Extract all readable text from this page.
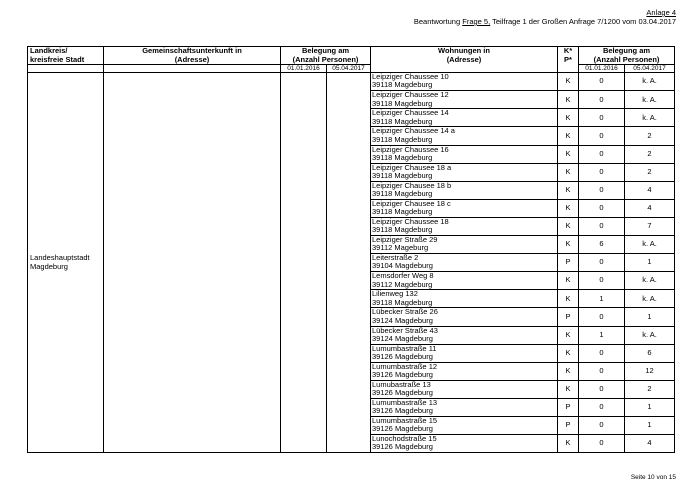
Anlage 4
Beantwortung Frage 5, Teilfrage 1 der Großen Anfrage 7/1200 vom 03.04.2017
Landkreis/
kreisfreie Stadt	Gemeinschaftsunterkunft in
(Adresse)	Belegung am
(Anzahl Personen)		Wohnungen in
(Adresse)	K*
P*	Belegung am
(Anzahl Personen)	

		01.01.2016	05.04.2017			01.01.2016	05.04.2017
Landeshauptstadt
Magdeburg				Leipziger Chaussee 10
39118 Magdeburg	K	0	k. A.
				Leipziger Chaussee 12
39118 Magdeburg	K	0	k. A.
				Leipziger Chaussee 14
39118 Magdeburg	K	0	k. A.
				Leipziger Chaussee 14 a
39118 Magdeburg	K	0	2
				Leipziger Chaussee 16
39118 Magdeburg	K	0	2
				Leipziger Chausee 18 a
39118 Magdeburg	K	0	2
				Leipziger Chausee 18 b
39118 Magdeburg	K	0	4
				Leipziger Chausee 18 c
39118 Magdeburg	K	0	4
				Leipziger Chaussee 18
39118 Magdeburg	K	0	7
				Leipziger Straße 29
39112 Mageburg	K	6	k. A.
				Leiterstraße 2
39104 Magdeburg	P	0	1
				Lemsdorfer Weg 8
39112 Magdeburg	K	0	k. A.
				Lilienweg 132
39118 Magdeburg	K	1	k. A.
				Lübecker Straße 26
39124 Magdeburg	P	0	1
				Lübecker Straße 43
39124 Magdeburg	K	1	k. A.
				Lumumbastraße 11
39126 Magdeburg	K	0	6
				Lumumbastraße 12
39126 Magdeburg	K	0	12
				Lumubastraße 13
39126 Magdeburg	K	0	2
				Lumumbastraße 13
39126 Magdeburg	P	0	1
				Lumumbastraße 15
39126 Magdeburg	P	0	1
				Lunochodstraße 15
39126 Magdeburg	K	0	4
Seite 10 von 15
